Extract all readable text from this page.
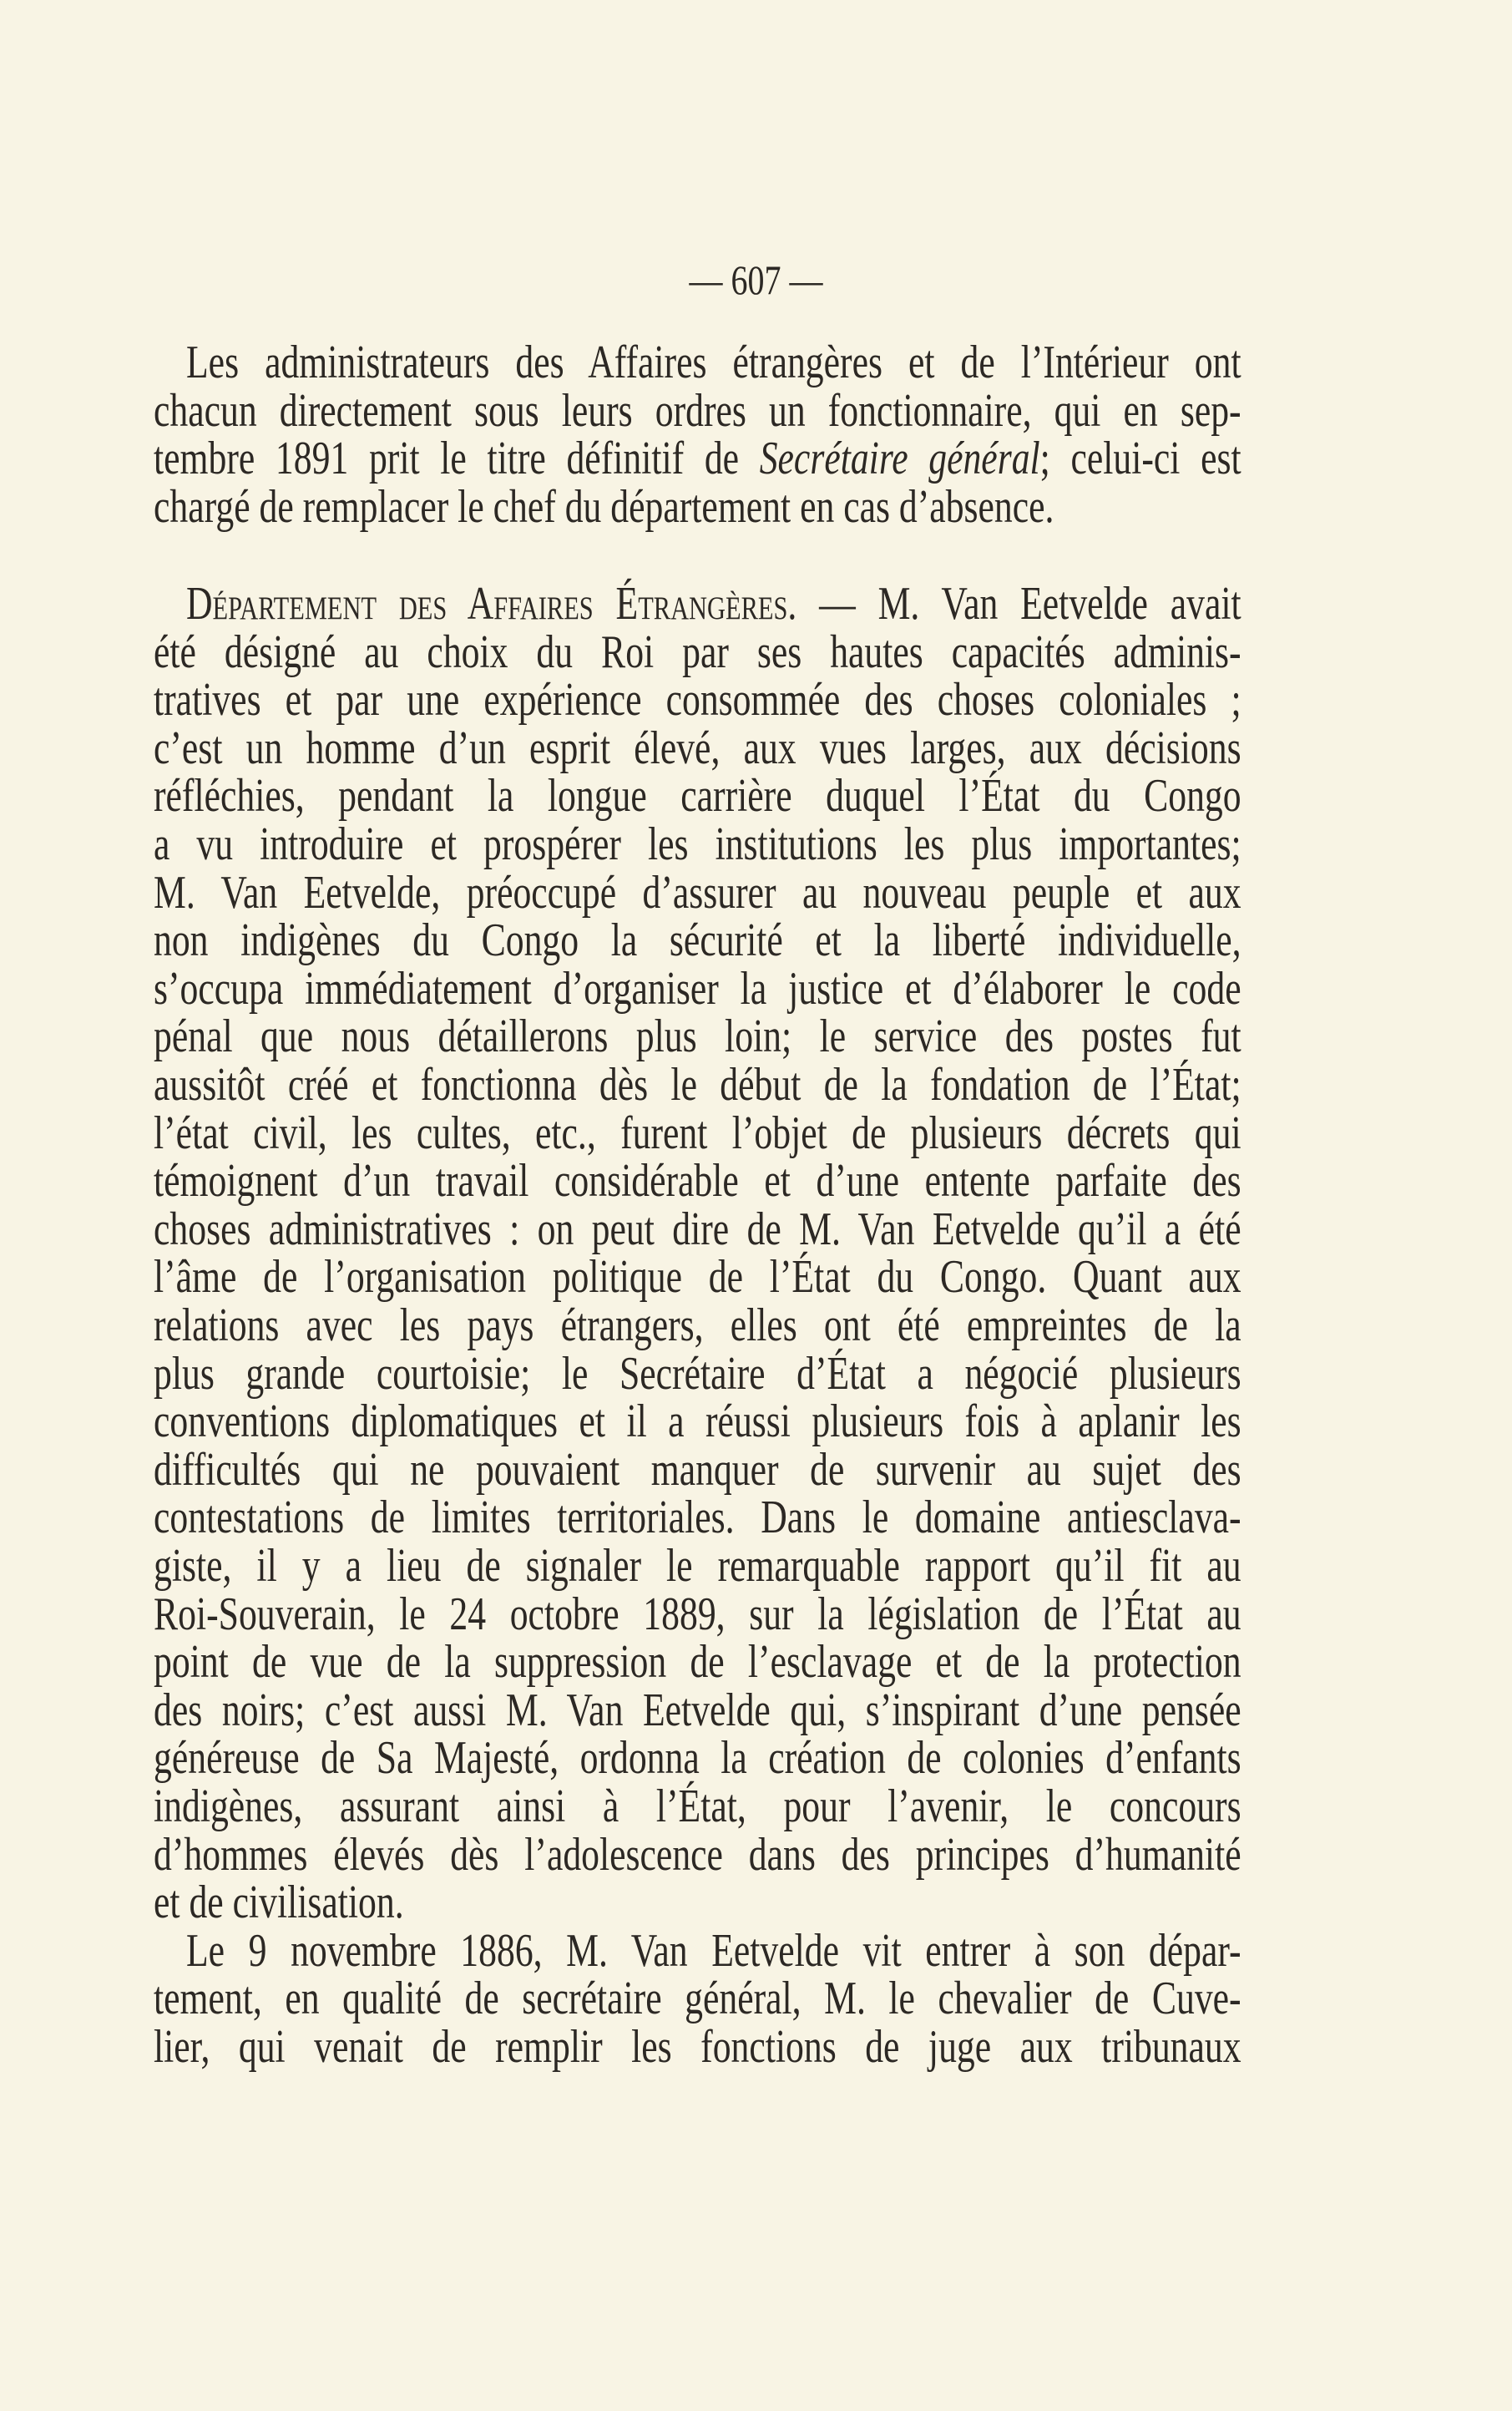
— 607 —
Les administrateurs des Affaires étrangères et de l’Intérieur ont
chacun directement sous leurs ordres un fonctionnaire, qui en sep-
tembre 1891 prit le titre définitif de Secrétaire général; celui-ci est
chargé de remplacer le chef du département en cas d’absence.
Département des Affaires Étrangères. — M. Van Eetvelde avait
été désigné au choix du Roi par ses hautes capacités adminis-
tratives et par une expérience consommée des choses coloniales ;
c’est un homme d’un esprit élevé, aux vues larges, aux décisions
réfléchies, pendant la longue carrière duquel l’État du Congo
a vu introduire et prospérer les institutions les plus importantes;
M. Van Eetvelde, préoccupé d’assurer au nouveau peuple et aux
non indigènes du Congo la sécurité et la liberté individuelle,
s’occupa immédiatement d’organiser la justice et d’élaborer le code
pénal que nous détaillerons plus loin; le service des postes fut
aussitôt créé et fonctionna dès le début de la fondation de l’État;
l’état civil, les cultes, etc., furent l’objet de plusieurs décrets qui
témoignent d’un travail considérable et d’une entente parfaite des
choses administratives : on peut dire de M. Van Eetvelde qu’il a été
l’âme de l’organisation politique de l’État du Congo. Quant aux
relations avec les pays étrangers, elles ont été empreintes de la
plus grande courtoisie; le Secrétaire d’État a négocié plusieurs
conventions diplomatiques et il a réussi plusieurs fois à aplanir les
difficultés qui ne pouvaient manquer de survenir au sujet des
contestations de limites territoriales. Dans le domaine antiesclava-
giste, il y a lieu de signaler le remarquable rapport qu’il fit au
Roi-Souverain, le 24 octobre 1889, sur la législation de l’État au
point de vue de la suppression de l’esclavage et de la protection
des noirs; c’est aussi M. Van Eetvelde qui, s’inspirant d’une pensée
généreuse de Sa Majesté, ordonna la création de colonies d’enfants
indigènes, assurant ainsi à l’État, pour l’avenir, le concours
d’hommes élevés dès l’adolescence dans des principes d’humanité
et de civilisation.
Le 9 novembre 1886, M. Van Eetvelde vit entrer à son dépar-
tement, en qualité de secrétaire général, M. le chevalier de Cuve-
lier, qui venait de remplir les fonctions de juge aux tribunaux
